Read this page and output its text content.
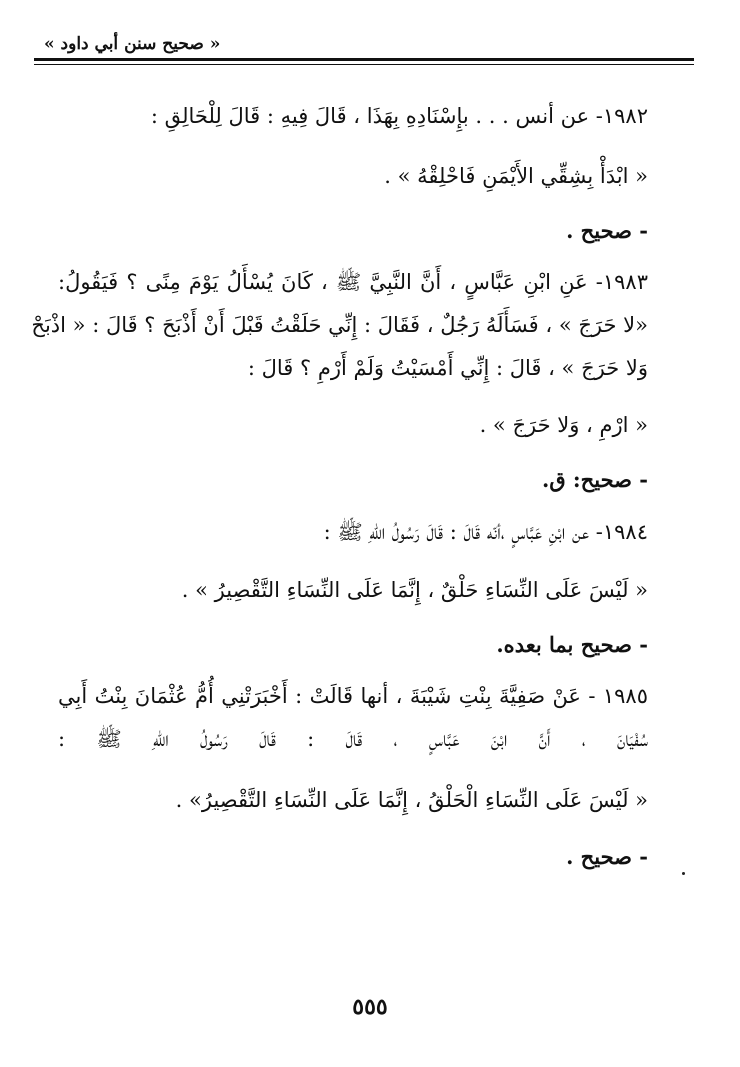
« صحيح سنن أبي داود »
١٩٨٢- عن أنس . . . بإِسْنَادِهِ بِهَذَا ، قَالَ فِيهِ : قَالَ لِلْحَالِقِ :
« ابْدَأْ بِشِقِّي الأَيْمَنِ فَاحْلِقْهُ » .
- صحيح .
١٩٨٣- عَنِ ابْنِ عَبَّاسٍ ، أَنَّ النَّبِيَّ ﷺ ، كَانَ يُسْأَلُ يَوْمَ مِنًى ؟ فَيَقُولُ:
«لا حَرَجَ » ، فَسَأَلَهُ رَجُلٌ ، فَقَالَ : إِنِّي حَلَقْتُ قَبْلَ أَنْ أَذْبَحَ ؟ قَالَ : « اذْبَحْ
وَلا حَرَجَ » ، قَالَ : إِنِّي أَمْسَيْتُ وَلَمْ أَرْمِ ؟ قَالَ :
« ارْمِ ، وَلا حَرَجَ » .
- صحيح: ق.
١٩٨٤- عن ابْنِ عَبَّاسٍ ،أنّه قَالَ : قَالَ رَسُولُ اللهِ ﷺ :
« لَيْسَ عَلَى النِّسَاءِ حَلْقٌ ، إِنَّمَا عَلَى النِّسَاءِ التَّقْصِيرُ » .
- صحيح بما بعده.
١٩٨٥ - عَنْ صَفِيَّةَ بِنْتِ شَيْبَةَ ، أنها قَالَتْ : أَخْبَرَتْنِي أُمُّ عُثْمَانَ بِنْتُ أَبِي
سُفْيَانَ ، أَنَّ ابْنَ عَبَّاسٍ ، قَالَ : قَالَ رَسُولُ اللهِ ﷺ :
« لَيْسَ عَلَى النِّسَاءِ الْحَلْقُ ، إِنَّمَا عَلَى النِّسَاءِ التَّقْصِيرُ» .
- صحيح .
٥٥٥
